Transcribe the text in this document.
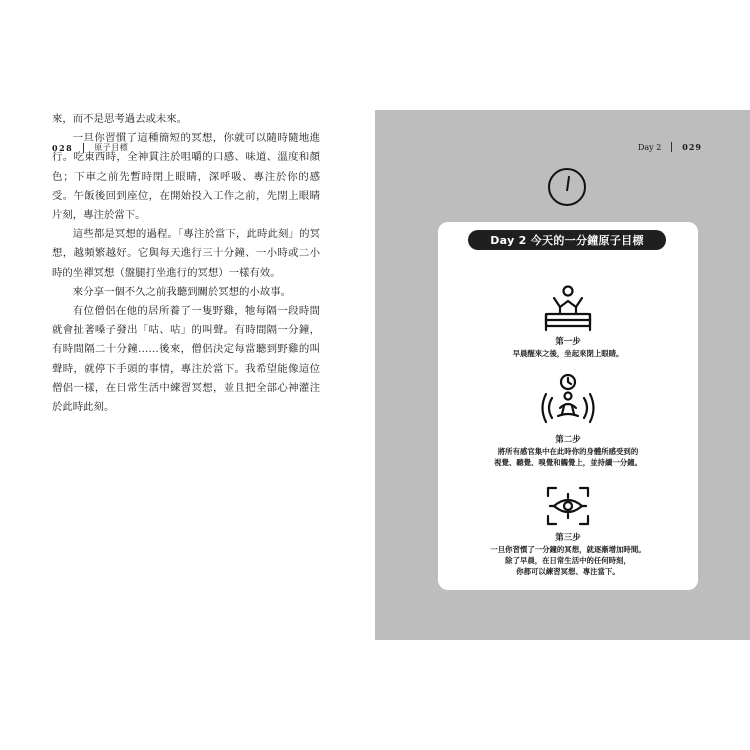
028	原子目標	Day 2	029

來，而不是思考過去或未來。

一旦你習慣了這種簡短的冥想，你就可以隨時隨地進行。吃東西時，全神貫注於咀嚼的口感、味道、溫度和顏色；下車之前先暫時閉上眼睛，深呼吸、專注於你的感受。午飯後回到座位，在開始投入工作之前，先閉上眼睛片刻，專注於當下。

這些都是冥想的過程。「專注於當下，此時此刻」的冥想，越頻繁越好。它與每天進行三十分鐘、一小時或二小時的坐禪冥想（盤腿打坐進行的冥想）一樣有效。

來分享一個不久之前我聽到關於冥想的小故事。

有位僧侶在他的居所養了一隻野雞，牠每隔一段時間就會扯著嗓子發出「咕、咕」的叫聲。有時間隔一分鐘，有時間隔二十分鐘……後來，僧侶決定每當聽到野雞的叫聲時，就停下手頭的事情，專注於當下。我希望能像這位僧侶一樣，在日常生活中練習冥想，並且把全部心神灌注於此時此刻。

Day 2 今天的一分鐘原子目標
第一步
早晨醒來之後，坐起來閉上眼睛。
第二步
將所有感官集中在此時你的身體所感受到的
視覺、聽覺、嗅覺和觸覺上，並持續一分鐘。
第三步
一旦你習慣了一分鐘的冥想，就逐漸增加時間。
除了早晨，在日常生活中的任何時刻，
你都可以練習冥想、專注當下。
